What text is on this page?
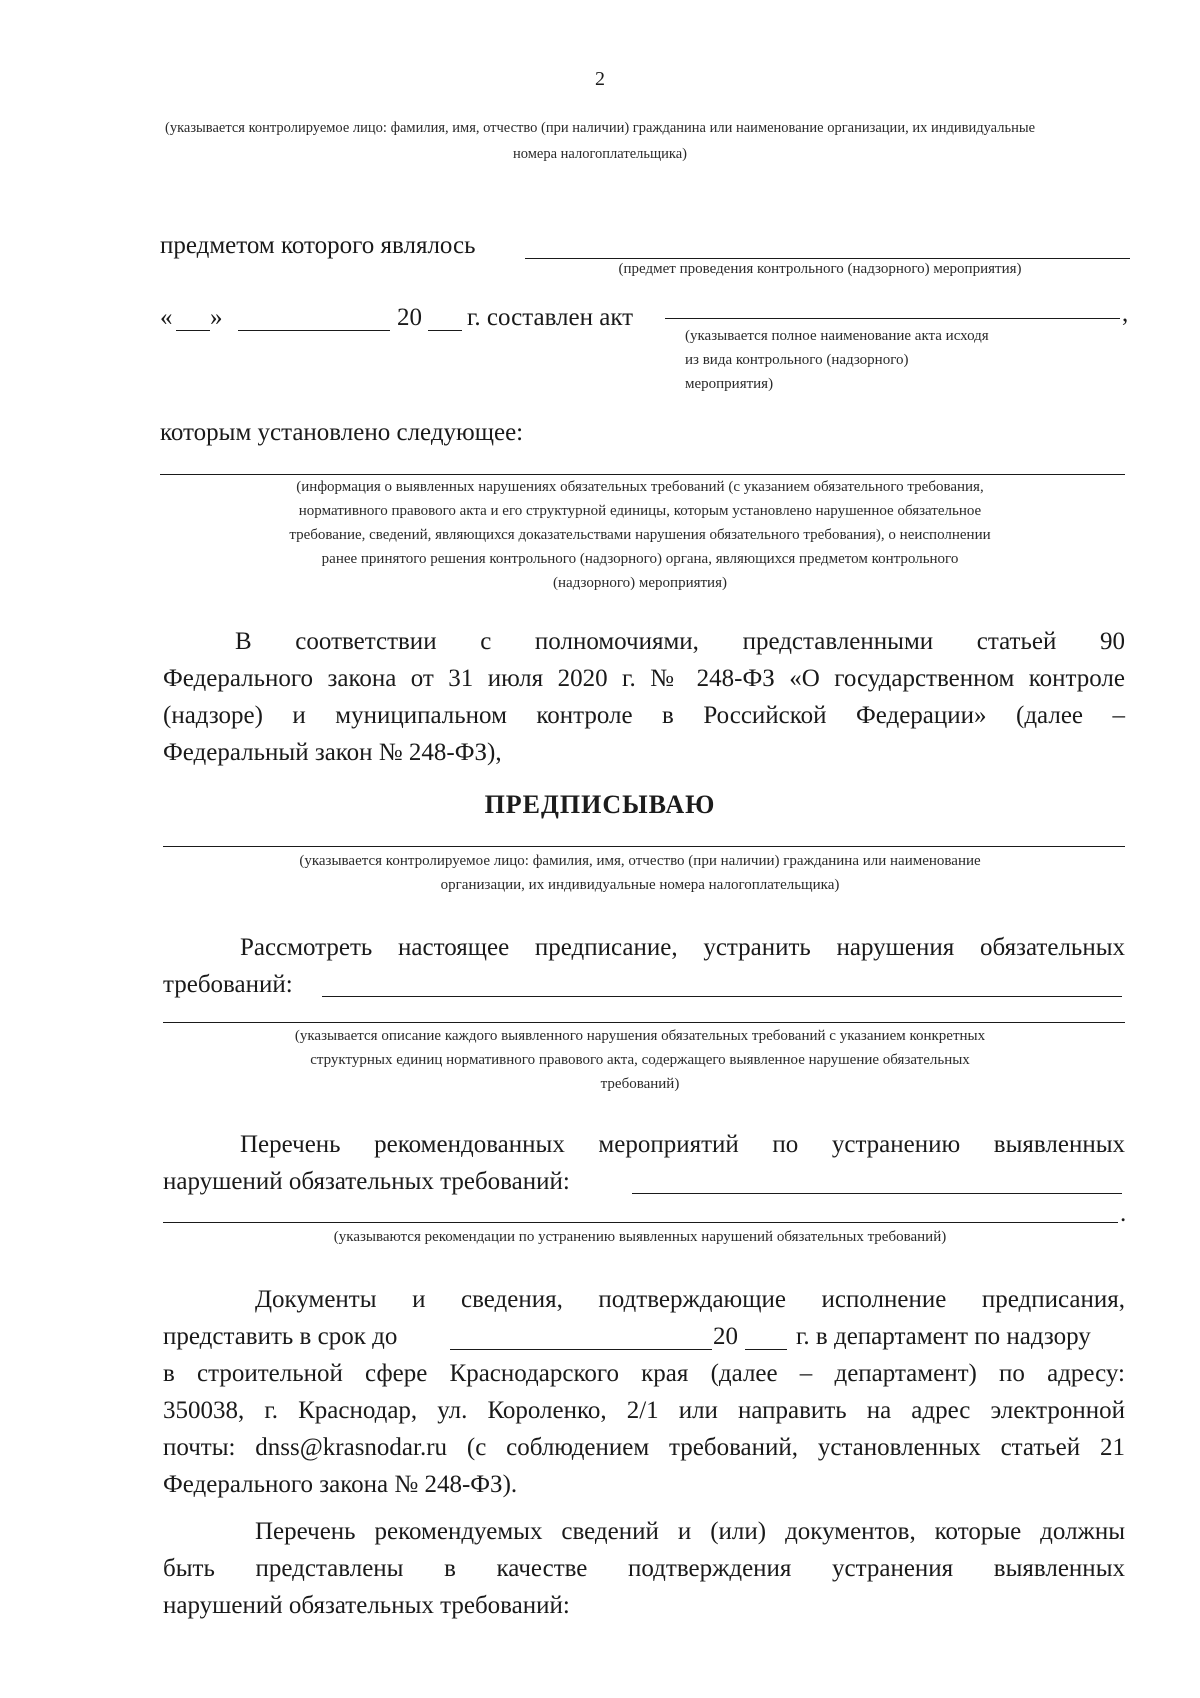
2
(указывается контролируемое лицо: фамилия, имя, отчество (при наличии) гражданина или наименование организации, их индивидуальные
номера налогоплательщика)
предметом которого являлось
(предмет проведения контрольного (надзорного) мероприятия)
« »	20 г. составлен акт	,
(указывается полное наименование акта исходя
из вида контрольного (надзорного)
мероприятия)
которым установлено следующее:
(информация о выявленных нарушениях обязательных требований (с указанием обязательного требования,
нормативного правового акта и его структурной единицы, которым установлено нарушенное обязательное
требование, сведений, являющихся доказательствами нарушения обязательного требования), о неисполнении
ранее принятого решения контрольного (надзорного) органа, являющихся предметом контрольного
(надзорного) мероприятия)
В соответствии с полномочиями, представленными статьей 90
Федерального закона от 31 июля 2020 г. № 248-ФЗ «О государственном контроле
(надзоре) и муниципальном контроле в Российской Федерации» (далее –
Федеральный закон № 248-ФЗ),
ПРЕДПИСЫВАЮ
(указывается контролируемое лицо: фамилия, имя, отчество (при наличии) гражданина или наименование
организации, их индивидуальные номера налогоплательщика)
Рассмотреть настоящее предписание, устранить нарушения обязательных
требований:
(указывается описание каждого выявленного нарушения обязательных требований с указанием конкретных
структурных единиц нормативного правового акта, содержащего выявленное нарушение обязательных
требований)
Перечень рекомендованных мероприятий по устранению выявленных
нарушений обязательных требований:
.
(указываются рекомендации по устранению выявленных нарушений обязательных требований)
Документы и сведения, подтверждающие исполнение предписания,
представить в срок до	20 г. в департамент по надзору
в строительной сфере Краснодарского края (далее – департамент) по адресу:
350038, г. Краснодар, ул. Короленко, 2/1 или направить на адрес электронной
почты: dnss@krasnodar.ru (с соблюдением требований, установленных статьей 21
Федерального закона № 248-ФЗ).
Перечень рекомендуемых сведений и (или) документов, которые должны
быть представлены в качестве подтверждения устранения выявленных
нарушений обязательных требований:
